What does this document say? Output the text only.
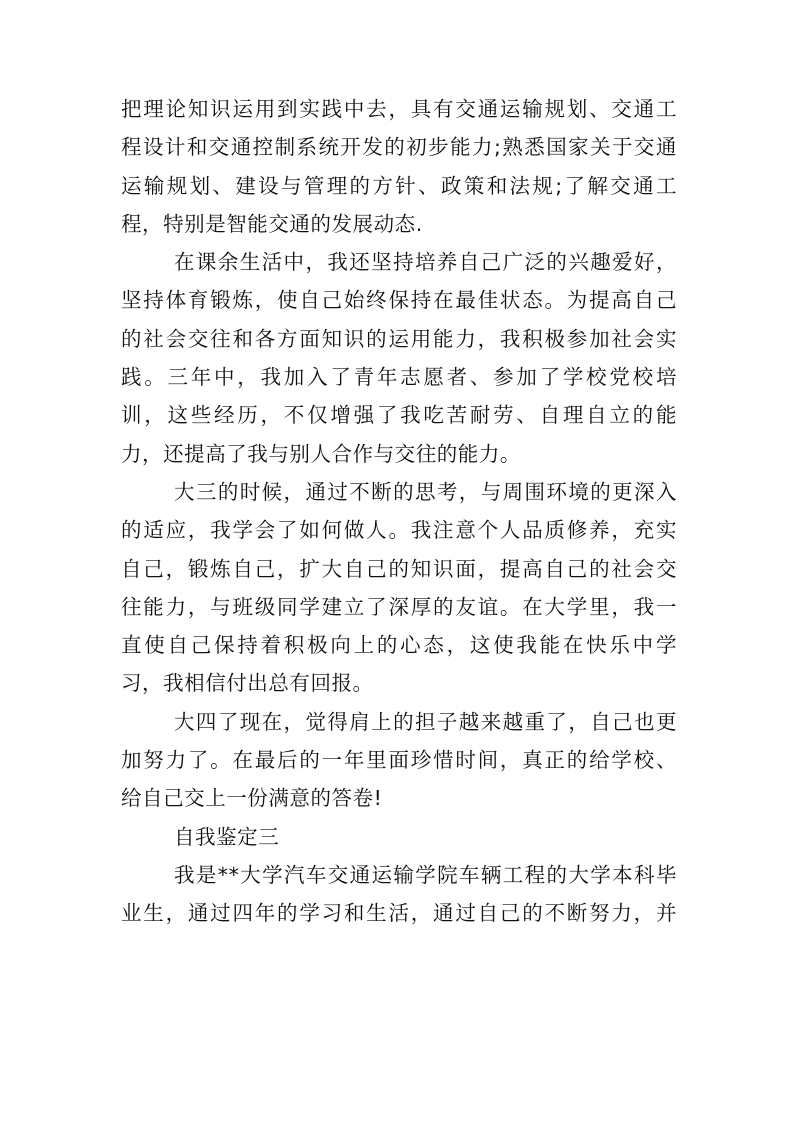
把理论知识运用到实践中去，具有交通运输规划、交通工
程设计和交通控制系统开发的初步能力;熟悉国家关于交通
运输规划、建设与管理的方针、政策和法规;了解交通工
程，特别是智能交通的发展动态.
在课余生活中，我还坚持培养自己广泛的兴趣爱好，
坚持体育锻炼，使自己始终保持在最佳状态。为提高自己
的社会交往和各方面知识的运用能力，我积极参加社会实
践。三年中，我加入了青年志愿者、参加了学校党校培
训，这些经历，不仅增强了我吃苦耐劳、自理自立的能
力，还提高了我与别人合作与交往的能力。
大三的时候，通过不断的思考，与周围环境的更深入
的适应，我学会了如何做人。我注意个人品质修养，充实
自己，锻炼自己，扩大自己的知识面，提高自己的社会交
往能力，与班级同学建立了深厚的友谊。在大学里，我一
直使自己保持着积极向上的心态，这使我能在快乐中学
习，我相信付出总有回报。
大四了现在，觉得肩上的担子越来越重了，自己也更
加努力了。在最后的一年里面珍惜时间，真正的给学校、
给自己交上一份满意的答卷!
自我鉴定三
我是**大学汽车交通运输学院车辆工程的大学本科毕
业生，通过四年的学习和生活，通过自己的不断努力，并
